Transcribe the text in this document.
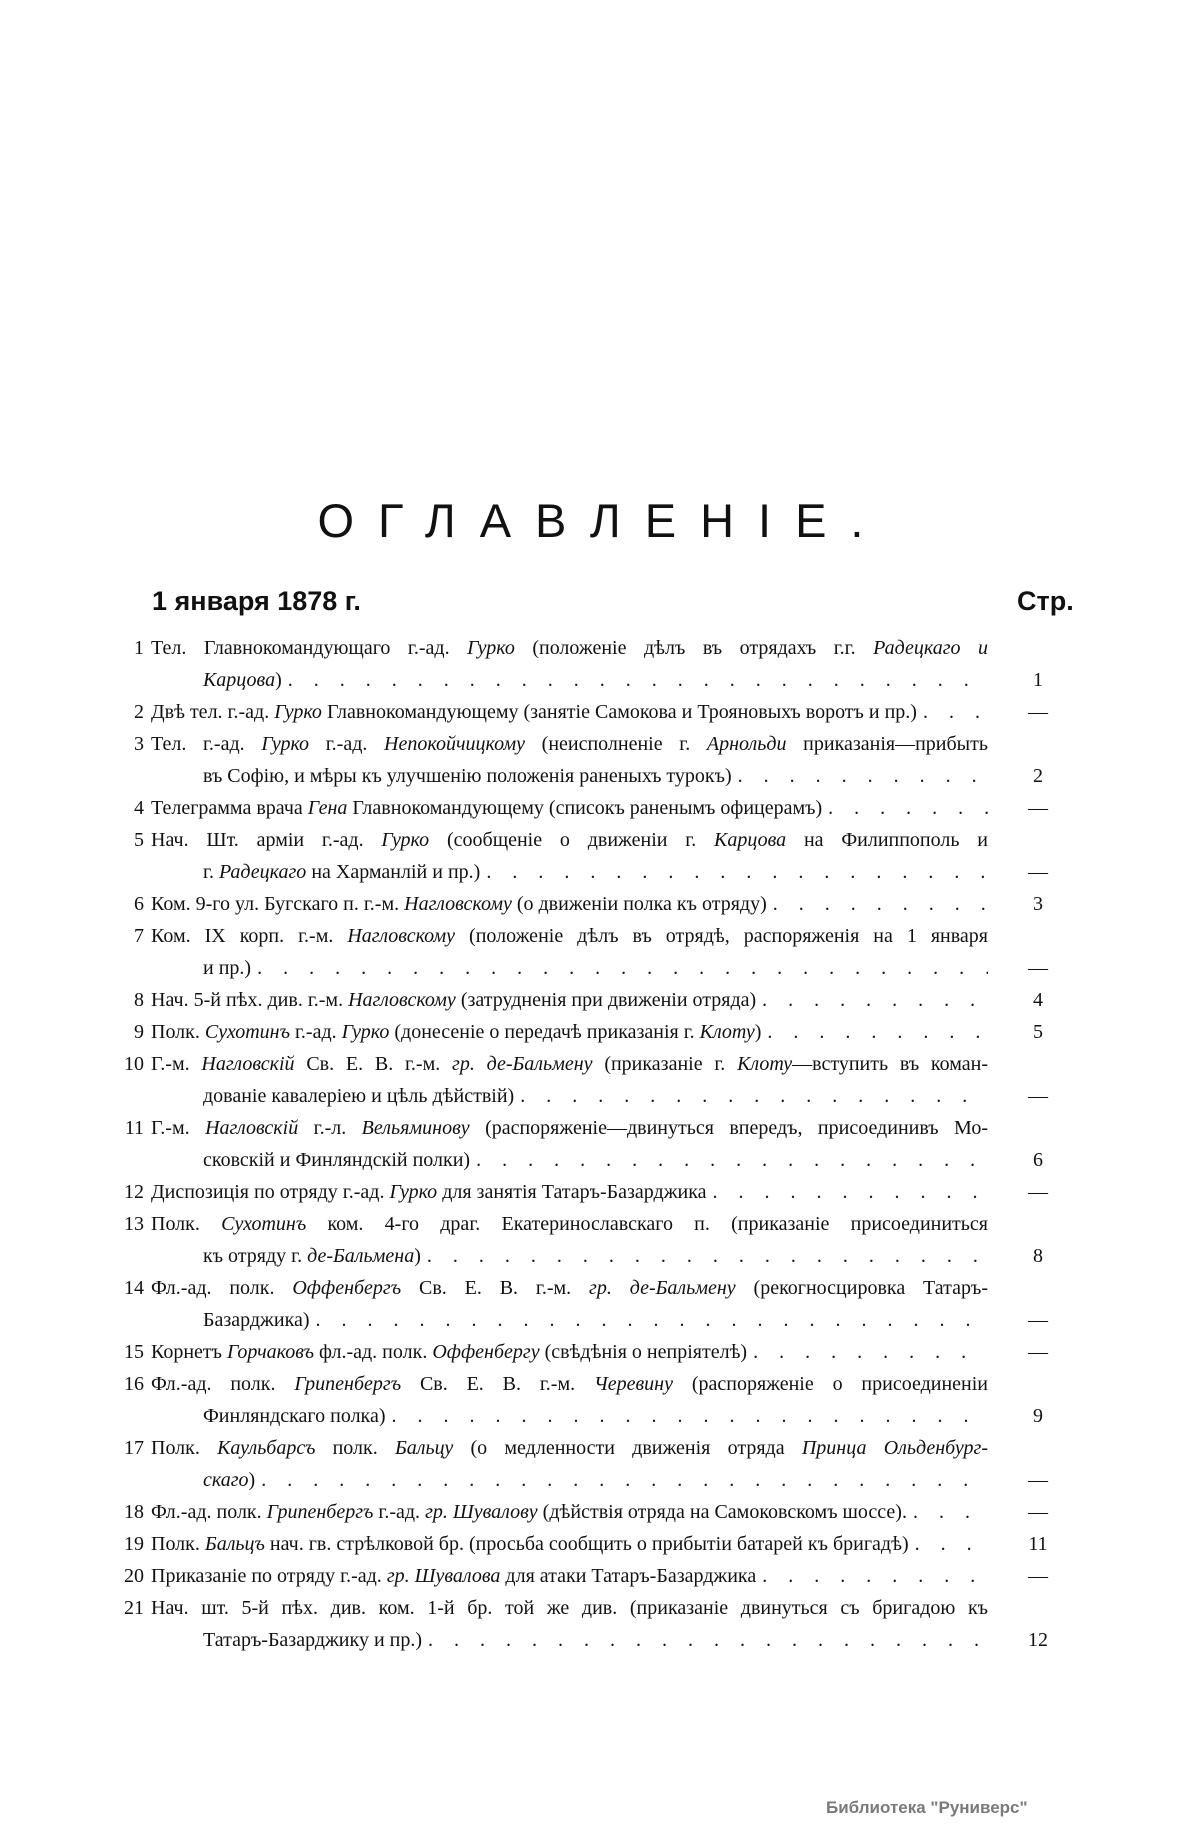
ОГЛАВЛЕНIЕ.
1 января 1878 г.	Стр.
1 Тел. Главнокомандующаго г.-ад. Гурко (положенiе дѣлъ въ отрядахъ г.г. Радецкаго и
Карцова) . . .	1
2 Двѣ тел. г.-ад. Гурко Главнокомандующему (занятiе Самокова и Трояновыхъ воротъ и пр.) . . .	—
3 Тел. г.-ад. Гурко г.-ад. Непокойчицкому (неисполненiе г. Арнольди приказанiя—прибыть
въ Софiю, и мѣры къ улучшенiю положенiя раненыхъ турокъ) . . .	2
4 Телеграмма врача Гена Главнокомандующему (списокъ раненымъ офицерамъ) . . .	—
5 Нач. Шт. армiи г.-ад. Гурко (сообщенiе о движенiи г. Карцова на Филиппополь и
г. Радецкаго на Харманлiй и пр.) . . .	—
6 Ком. 9-го ул. Бугскаго п. г.-м. Нагловскому (о движенiи полка къ отряду) . . .	3
7 Ком. IX корп. г.-м. Нагловскому (положенiе дѣлъ въ отрядѣ, распоряженiя на 1 января
и пр.) . . .	—
8 Нач. 5-й пѣх. див. г.-м. Нагловскому (затрудненiя при движенiи отряда) . . .	4
9 Полк. Сухотинъ г.-ад. Гурко (донесенiе о передачѣ приказанiя г. Клоту) . . .	5
10 Г.-м. Нагловскiй Св. Е. В. г.-м. гр. де-Бальмену (приказанiе г. Клоту—вступить въ коман-
дованiе кавалерiею и цѣль дѣйствiй) . . .	—
11 Г.-м. Нагловскiй г.-л. Вельяминову (распоряженiе—двинуться впередъ, присоединивъ Мо-
сковскiй и Финляндскiй полки) . . .	6
12 Диспозицiя по отряду г.-ад. Гурко для занятiя Татаръ-Базарджика . . .	—
13 Полк. Сухотинъ ком. 4-го драг. Екатеринославскаго п. (приказанiе присоединиться
къ отряду г. де-Бальмена) . . .	8
14 Фл.-ад. полк. Оффенбергъ Св. Е. В. г.-м. гр. де-Бальмену (рекогносцировка Татаръ-
Базарджика) . . .	—
15 Корнетъ Горчаковъ фл.-ад. полк. Оффенбергу (свѣдѣнiя о непрiятелѣ) . . .	—
16 Фл.-ад. полк. Грипенбергъ Св. Е. В. г.-м. Черевину (распоряженiе о присоединенiи
Финляндскаго полка) . . .	9
17 Полк. Каульбарсъ полк. Бальцу (о медленности движенiя отряда Принца Ольденбург-
скаго) . . .	—
18 Фл.-ад. полк. Грипенбергъ г.-ад. гр. Шувалову (дѣйствiя отряда на Самоковскомъ шоссе). . . .	—
19 Полк. Бальцъ нач. гв. стрѣлковой бр. (просьба сообщить о прибытiи батарей къ бригадѣ) . . .	11
20 Приказанiе по отряду г.-ад. гр. Шувалова для атаки Татаръ-Базарджика . . .	—
21 Нач. шт. 5-й пѣх. див. ком. 1-й бр. той же див. (приказанiе двинуться съ бригадою къ
Татаръ-Базарджику и пр.) . . .	12
Библиотека "Руниверс"
